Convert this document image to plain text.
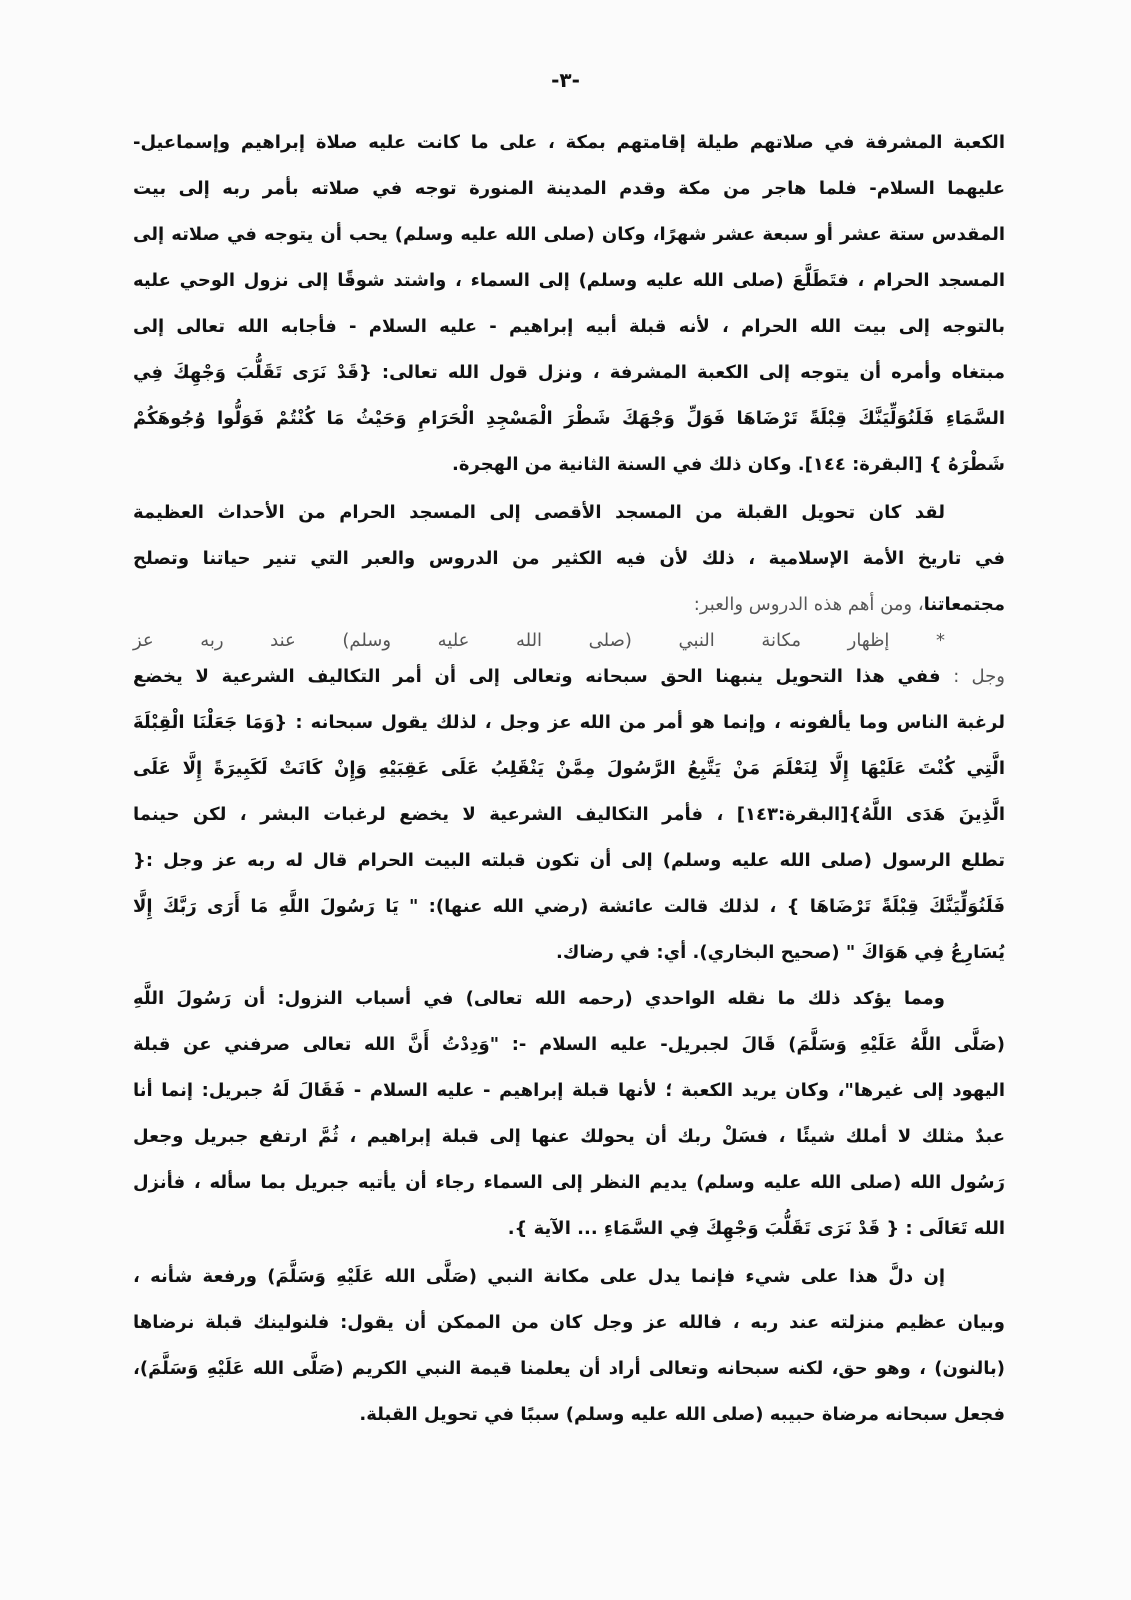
-٣-
الكعبة المشرفة في صلاتهم طيلة إقامتهم بمكة ، على ما كانت عليه صلاة إبراهيم وإسماعيل-
عليهما السلام- فلما هاجر من مكة وقدم المدينة المنورة توجه في صلاته بأمر ربه إلى بيت
المقدس ستة عشر أو سبعة عشر شهرًا، وكان (صلى الله عليه وسلم) يحب أن يتوجه في صلاته إلى
المسجد الحرام ، فتَطَلَّعَ (صلى الله عليه وسلم) إلى السماء ، واشتد شوقًا إلى نزول الوحي عليه
بالتوجه إلى بيت الله الحرام ، لأنه قبلة أبيه إبراهيم - عليه السلام - فأجابه الله تعالى إلى
مبتغاه وأمره أن يتوجه إلى الكعبة المشرفة ، ونزل قول الله تعالى: {قَدْ نَرَى تَقَلُّبَ وَجْهِكَ فِي
السَّمَاءِ فَلَنُوَلِّيَنَّكَ قِبْلَةً تَرْضَاهَا فَوَلِّ وَجْهَكَ شَطْرَ الْمَسْجِدِ الْحَرَامِ وَحَيْثُ مَا كُنْتُمْ فَوَلُّوا وُجُوهَكُمْ
شَطْرَهُ } [البقرة: ١٤٤]. وكان ذلك في السنة الثانية من الهجرة.
لقد كان تحويل القبلة من المسجد الأقصى إلى المسجد الحرام من الأحداث العظيمة
في تاريخ الأمة الإسلامية ، ذلك لأن فيه الكثير من الدروس والعبر التي تنير حياتنا وتصلح
مجتمعاتنا، ومن أهم هذه الدروس والعبر:
* إظهار مكانة النبي (صلى الله عليه وسلم) عند ربه عز
وجل : ففي هذا التحويل ينبهنا الحق سبحانه وتعالى إلى أن أمر التكاليف الشرعية لا يخضع
لرغبة الناس وما يألفونه ، وإنما هو أمر من الله عز وجل ، لذلك يقول سبحانه : {وَمَا جَعَلْنَا الْقِبْلَةَ
الَّتِي كُنْتَ عَلَيْهَا إِلَّا لِنَعْلَمَ مَنْ يَتَّبِعُ الرَّسُولَ مِمَّنْ يَنْقَلِبُ عَلَى عَقِبَيْهِ وَإِنْ كَانَتْ لَكَبِيرَةً إِلَّا عَلَى
الَّذِينَ هَدَى اللَّهُ}[البقرة:١٤٣] ، فأمر التكاليف الشرعية لا يخضع لرغبات البشر ، لكن حينما
تطلع الرسول (صلى الله عليه وسلم) إلى أن تكون قبلته البيت الحرام قال له ربه عز وجل :{
فَلَنُوَلِّيَنَّكَ قِبْلَةً تَرْضَاهَا } ، لذلك قالت عائشة (رضي الله عنها): " يَا رَسُولَ اللَّهِ مَا أَرَى رَبَّكَ إِلَّا
يُسَارِعُ فِي هَوَاكَ " (صحيح البخاري). أي: في رضاك.
ومما يؤكد ذلك ما نقله الواحدي (رحمه الله تعالى) في أسباب النزول: أن رَسُولَ اللَّهِ
(صَلَّى اللَّهُ عَلَيْهِ وَسَلَّمَ) قَالَ لجبريل- عليه السلام -: "وَدِدْتُ أَنَّ الله تعالى صرفني عن قبلة
اليهود إلى غيرها"، وكان يريد الكعبة ؛ لأنها قبلة إبراهيم - عليه السلام - فَقَالَ لَهُ جبريل: إنما أنا
عبدٌ مثلك لا أملك شيئًا ، فسَلْ ربك أن يحولك عنها إلى قبلة إبراهيم ، ثُمَّ ارتفع جبريل وجعل
رَسُول الله (صلى الله عليه وسلم) يديم النظر إلى السماء رجاء أن يأتيه جبريل بما سأله ، فأنزل
الله تَعَالَى : { قَدْ نَرَى تَقَلُّبَ وَجْهِكَ فِي السَّمَاءِ ... الآية }.
إن دلَّ هذا على شيء فإنما يدل على مكانة النبي (صَلَّى الله عَلَيْهِ وَسَلَّمَ) ورفعة شأنه ،
وبيان عظيم منزلته عند ربه ، فالله عز وجل كان من الممكن أن يقول: فلنولينك قبلة نرضاها
(بالنون) ، وهو حق، لكنه سبحانه وتعالى أراد أن يعلمنا قيمة النبي الكريم (صَلَّى الله عَلَيْهِ وَسَلَّمَ)،
فجعل سبحانه مرضاة حبيبه (صلى الله عليه وسلم) سببًا في تحويل القبلة.
